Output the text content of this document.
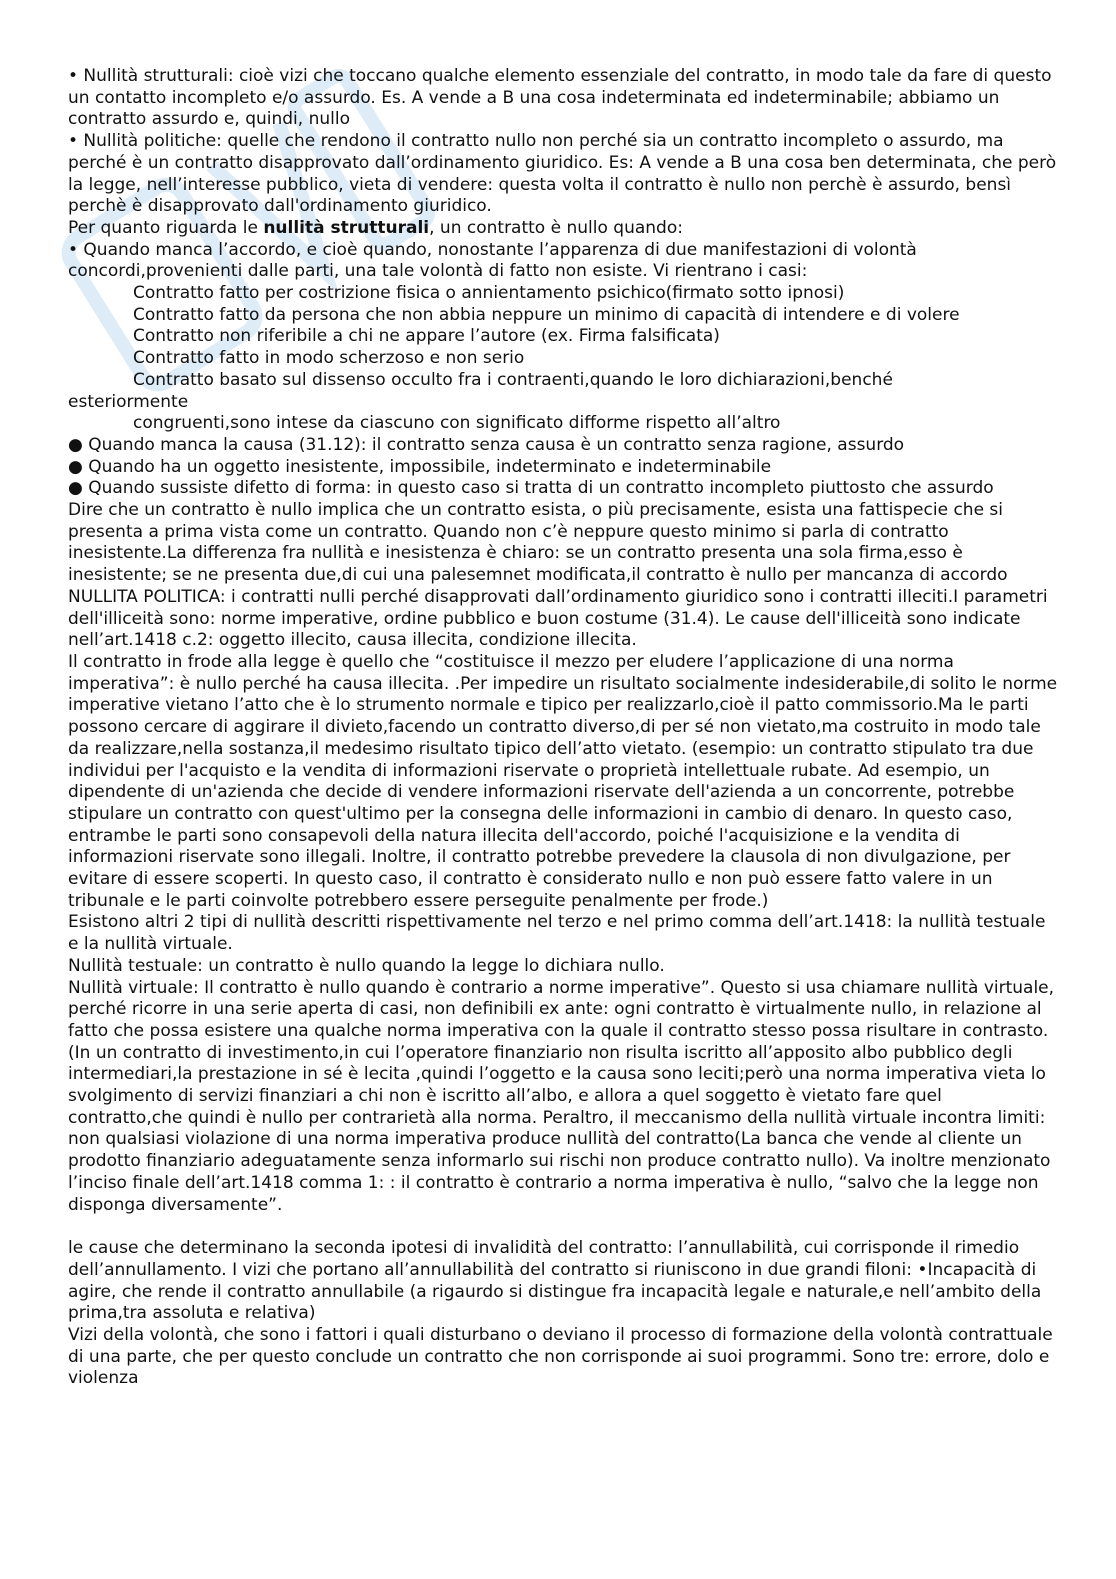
• Nullità strutturali: cioè vizi che toccano qualche elemento essenziale del contratto, in modo tale da fare di questo un contatto incompleto e/o assurdo. Es. A vende a B una cosa indeterminata ed indeterminabile; abbiamo un contratto assurdo e, quindi, nullo

• Nullità politiche: quelle che rendono il contratto nullo non perché sia un contratto incompleto o assurdo, ma perché è un contratto disapprovato dall’ordinamento giuridico. Es: A vende a B una cosa ben determinata, che però la legge, nell’interesse pubblico, vieta di vendere: questa volta il contratto è nullo non perchè è assurdo, bensì perchè è disapprovato dall'ordinamento giuridico.

Per quanto riguarda le nullità strutturali, un contratto è nullo quando:

• Quando manca l’accordo, e cioè quando, nonostante l’apparenza di due manifestazioni di volontà concordi,provenienti dalle parti, una tale volontà di fatto non esiste. Vi rientrano i casi:

Contratto fatto per costrizione fisica o annientamento psichico(firmato sotto ipnosi)

Contratto fatto da persona che non abbia neppure un minimo di capacità di intendere e di volere

Contratto non riferibile a chi ne appare l’autore (ex. Firma falsificata)

Contratto fatto in modo scherzoso e non serio

Contratto basato sul dissenso occulto fra i contraenti,quando le loro dichiarazioni,benché

esteriormente

congruenti,sono intese da ciascuno con significato difforme rispetto all’altro

● Quando manca la causa (31.12): il contratto senza causa è un contratto senza ragione, assurdo

● Quando ha un oggetto inesistente, impossibile, indeterminato e indeterminabile

● Quando sussiste difetto di forma: in questo caso si tratta di un contratto incompleto piuttosto che assurdo

Dire che un contratto è nullo implica che un contratto esista, o più precisamente, esista una fattispecie che si presenta a prima vista come un contratto. Quando non c’è neppure questo minimo si parla di contratto inesistente.La differenza fra nullità e inesistenza è chiaro: se un contratto presenta una sola firma,esso è inesistente; se ne presenta due,di cui una palesemnet modificata,il contratto è nullo per mancanza di accordo

NULLITA POLITICA: i contratti nulli perché disapprovati dall’ordinamento giuridico sono i contratti illeciti.I parametri dell'illiceità sono: norme imperative, ordine pubblico e buon costume (31.4). Le cause dell'illiceità sono indicate nell’art.1418 c.2: oggetto illecito, causa illecita, condizione illecita.

Il contratto in frode alla legge è quello che “costituisce il mezzo per eludere l’applicazione di una norma imperativa”: è nullo perché ha causa illecita. .Per impedire un risultato socialmente indesiderabile,di solito le norme imperative vietano l’atto che è lo strumento normale e tipico per realizzarlo,cioè il patto commissorio.Ma le parti possono cercare di aggirare il divieto,facendo un contratto diverso,di per sé non vietato,ma costruito in modo tale da realizzare,nella sostanza,il medesimo risultato tipico dell’atto vietato. (esempio: un contratto stipulato tra due individui per l'acquisto e la vendita di informazioni riservate o proprietà intellettuale rubate. Ad esempio, un dipendente di un'azienda che decide di vendere informazioni riservate dell'azienda a un concorrente, potrebbe stipulare un contratto con quest'ultimo per la consegna delle informazioni in cambio di denaro. In questo caso, entrambe le parti sono consapevoli della natura illecita dell'accordo, poiché l'acquisizione e la vendita di informazioni riservate sono illegali. Inoltre, il contratto potrebbe prevedere la clausola di non divulgazione, per evitare di essere scoperti. In questo caso, il contratto è considerato nullo e non può essere fatto valere in un tribunale e le parti coinvolte potrebbero essere perseguite penalmente per frode.)

Esistono altri 2 tipi di nullità descritti rispettivamente nel terzo e nel primo comma dell’art.1418: la nullità testuale e la nullità virtuale.

Nullità testuale: un contratto è nullo quando la legge lo dichiara nullo.

Nullità virtuale: Il contratto è nullo quando è contrario a norme imperative”. Questo si usa chiamare nullità virtuale, perché ricorre in una serie aperta di casi, non definibili ex ante: ogni contratto è virtualmente nullo, in relazione al fatto che possa esistere una qualche norma imperativa con la quale il contratto stesso possa risultare in contrasto.(In un contratto di investimento,in cui l’operatore finanziario non risulta iscritto all’apposito albo pubblico degli intermediari,la prestazione in sé è lecita ,quindi l’oggetto e la causa sono leciti;però una norma imperativa vieta lo svolgimento di servizi finanziari a chi non è iscritto all’albo, e allora a quel soggetto è vietato fare quel contratto,che quindi è nullo per contrarietà alla norma. Peraltro, il meccanismo della nullità virtuale incontra limiti: non qualsiasi violazione di una norma imperativa produce nullità del contratto(La banca che vende al cliente un prodotto finanziario adeguatamente senza informarlo sui rischi non produce contratto nullo). Va inoltre menzionato l’inciso finale dell’art.1418 comma 1: : il contratto è contrario a norma imperativa è nullo, “salvo che la legge non disponga diversamente”.

le cause che determinano la seconda ipotesi di invalidità del contratto: l’annullabilità, cui corrisponde il rimedio dell’annullamento. I vizi che portano all’annullabilità del contratto si riuniscono in due grandi filoni: •Incapacità di agire, che rende il contratto annullabile (a rigaurdo si distingue fra incapacità legale e naturale,e nell’ambito della prima,tra assoluta e relativa)

Vizi della volontà, che sono i fattori i quali disturbano o deviano il processo di formazione della volontà contrattuale di una parte, che per questo conclude un contratto che non corrisponde ai suoi programmi. Sono tre: errore, dolo e violenza
